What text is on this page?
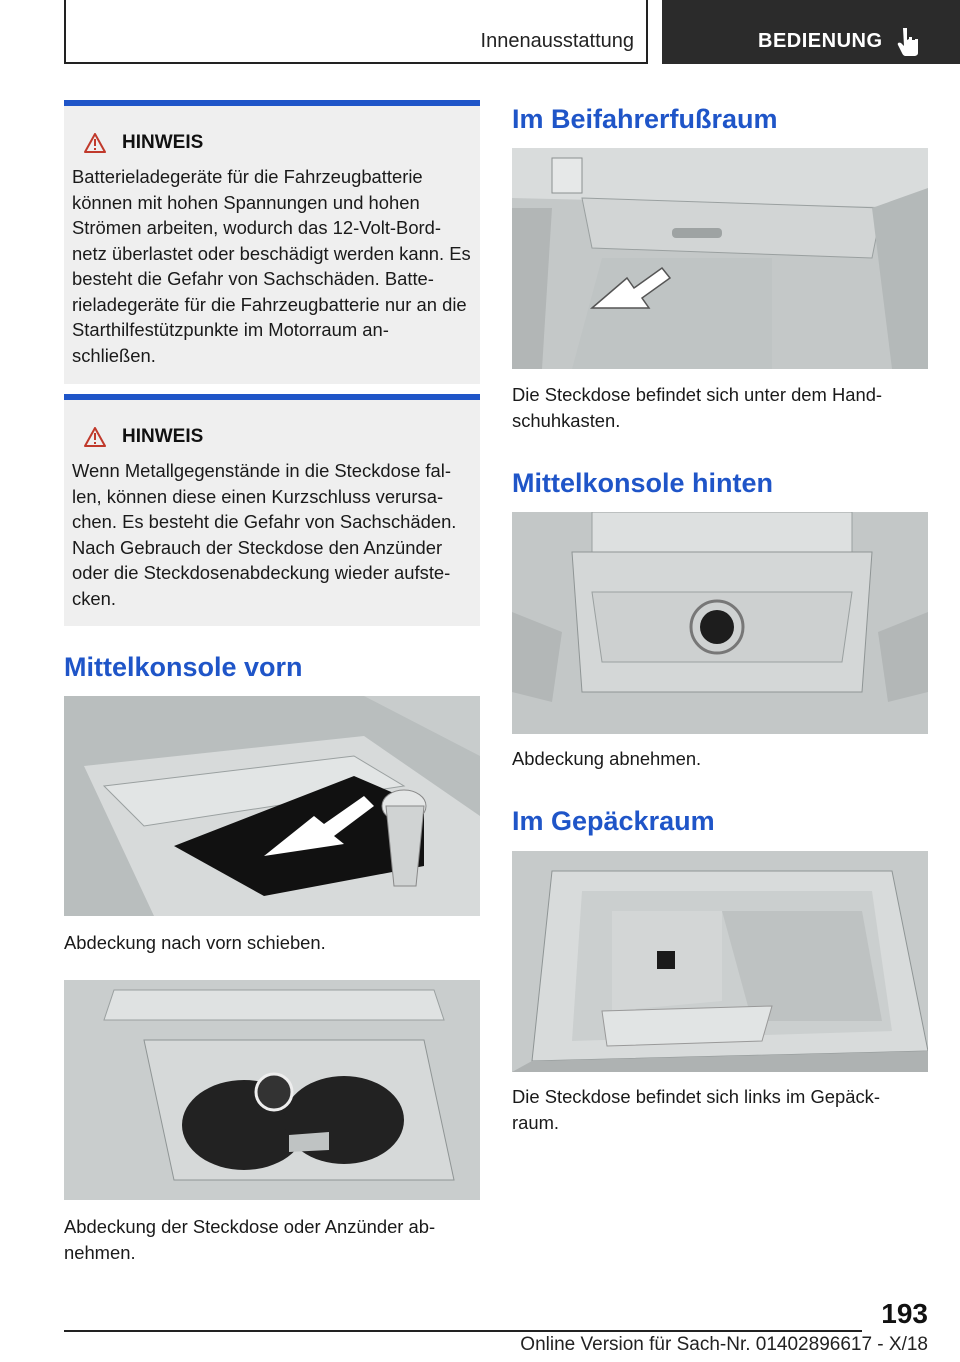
Innenausstattung	BEDIENUNG
HINWEIS

Batterieladegeräte für die Fahrzeugbatterie können mit hohen Spannungen und hohen Strömen arbeiten, wodurch das 12-Volt-Bord- netz überlastet oder beschädigt werden kann. Es besteht die Gefahr von Sachschäden. Batte- rieladegeräte für die Fahrzeugbatterie nur an die Starthilfestützpunkte im Motorraum an- schließen.

HINWEIS

Wenn Metallgegenstände in die Steckdose fal- len, können diese einen Kurzschluss verursa- chen. Es besteht die Gefahr von Sachschäden. Nach Gebrauch der Steckdose den Anzünder oder die Steckdosenabdeckung wieder aufste- cken.

Mittelkonsole vorn

Abdeckung nach vorn schieben.

Abdeckung der Steckdose oder Anzünder ab- nehmen.

Im Beifahrerfußraum

Die Steckdose befindet sich unter dem Hand- schuhkasten.

Mittelkonsole hinten

Abdeckung abnehmen.

Im Gepäckraum

Die Steckdose befindet sich links im Gepäck- raum.

193
Online Version für Sach-Nr. 01402896617 - X/18
